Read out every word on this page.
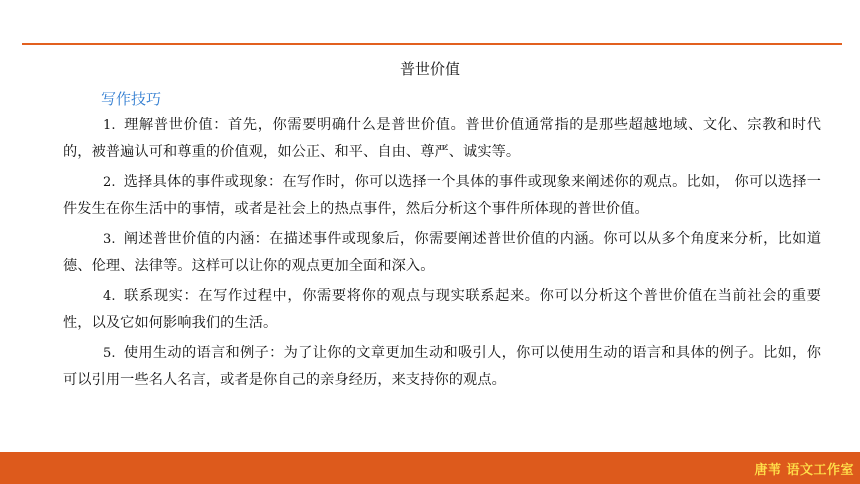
普世价值
写作技巧

1. 理解普世价值：首先，你需要明确什么是普世价值。普世价值通常指的是那些超越地域、文化、宗教和时代的，被普遍认可和尊重的价值观，如公正、和平、自由、尊严、诚实等。

2. 选择具体的事件或现象：在写作时，你可以选择一个具体的事件或现象来阐述你的观点。比如， 你可以选择一件发生在你生活中的事情，或者是社会上的热点事件，然后分析这个事件所体现的普世价值。

3. 阐述普世价值的内涵：在描述事件或现象后，你需要阐述普世价值的内涵。你可以从多个角度来分析，比如道德、伦理、法律等。这样可以让你的观点更加全面和深入。

4. 联系现实：在写作过程中，你需要将你的观点与现实联系起来。你可以分析这个普世价值在当前社会的重要性，以及它如何影响我们的生活。

5. 使用生动的语言和例子：为了让你的文章更加生动和吸引人，你可以使用生动的语言和具体的例子。比如，你可以引用一些名人名言，或者是你自己的亲身经历，来支持你的观点。

唐苇 语文工作室
